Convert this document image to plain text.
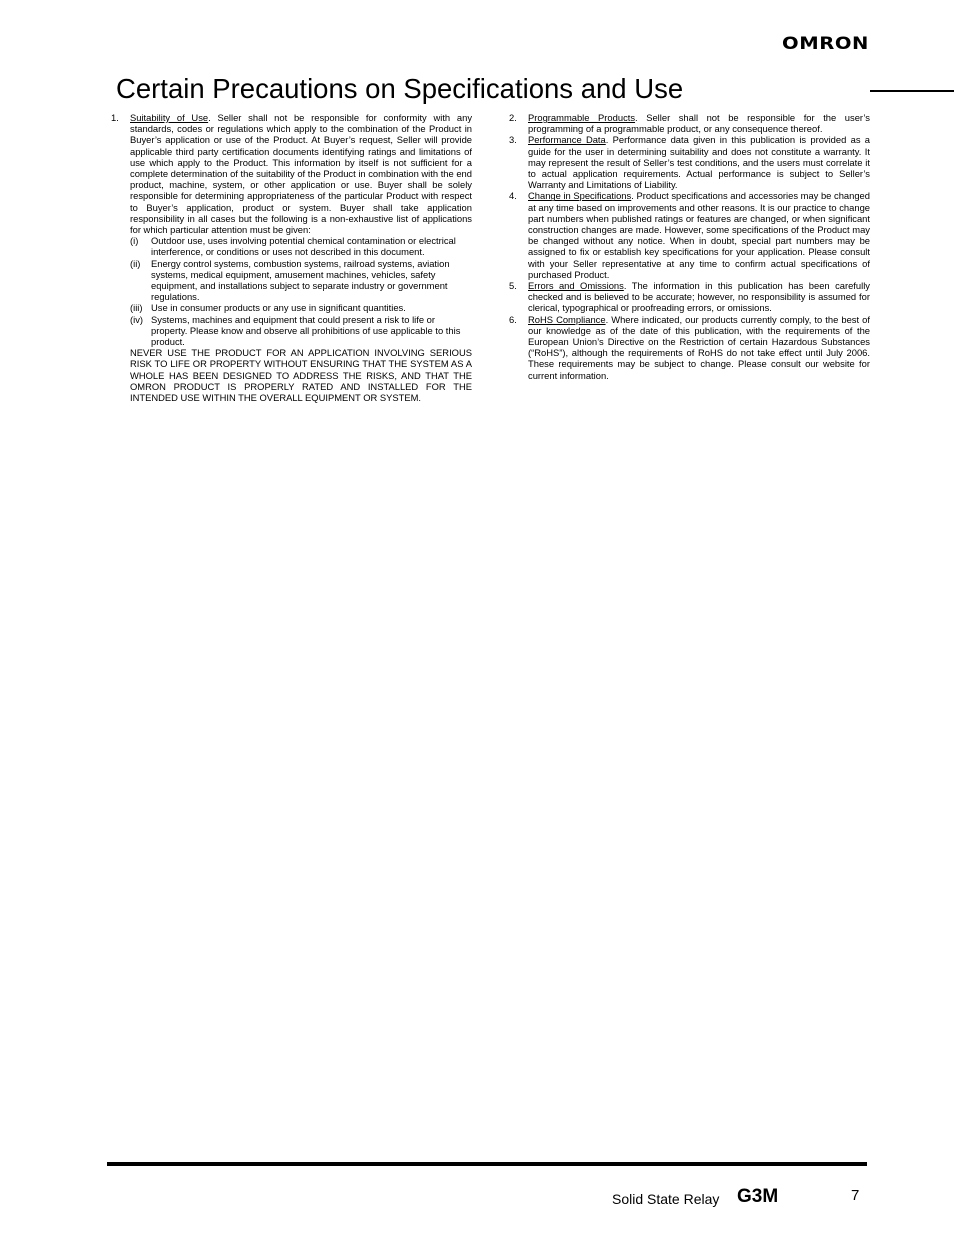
OMRON
Certain Precautions on Specifications and Use

1. Suitability of Use. Seller shall not be responsible for conformity with any standards, codes or regulations which apply to the combination of the Product in Buyer’s application or use of the Product. At Buyer’s request, Seller will provide applicable third party certification documents identifying ratings and limitations of use which apply to the Product. This information by itself is not sufficient for a complete determination of the suitability of the Product in combination with the end product, machine, system, or other application or use. Buyer shall be solely responsible for determining appropriateness of the particular Product with respect to Buyer’s application, product or system. Buyer shall take application responsibility in all cases but the following is a non-exhaustive list of applications for which particular attention must be given:

(i) Outdoor use, uses involving potential chemical contamination or electrical interference, or conditions or uses not described in this document.

(ii) Energy control systems, combustion systems, railroad systems, aviation systems, medical equipment, amusement machines, vehicles, safety equipment, and installations subject to separate industry or government regulations.

(iii) Use in consumer products or any use in significant quantities.

(iv) Systems, machines and equipment that could present a risk to life or property. Please know and observe all prohibitions of use applicable to this product.

NEVER USE THE PRODUCT FOR AN APPLICATION INVOLVING SERIOUS RISK TO LIFE OR PROPERTY WITHOUT ENSURING THAT THE SYSTEM AS A WHOLE HAS BEEN DESIGNED TO ADDRESS THE RISKS, AND THAT THE OMRON PRODUCT IS PROPERLY RATED AND INSTALLED FOR THE INTENDED USE WITHIN THE OVERALL EQUIPMENT OR SYSTEM.

2. Programmable Products. Seller shall not be responsible for the user’s programming of a programmable product, or any consequence thereof.

3. Performance Data. Performance data given in this publication is provided as a guide for the user in determining suitability and does not constitute a warranty. It may represent the result of Seller’s test conditions, and the users must correlate it to actual application requirements. Actual performance is subject to Seller’s Warranty and Limitations of Liability.

4. Change in Specifications. Product specifications and accessories may be changed at any time based on improvements and other reasons. It is our practice to change part numbers when published ratings or features are changed, or when significant construction changes are made. However, some specifications of the Product may be changed without any notice. When in doubt, special part numbers may be assigned to fix or establish key specifications for your application. Please consult with your Seller representative at any time to confirm actual specifications of purchased Product.

5. Errors and Omissions. The information in this publication has been carefully checked and is believed to be accurate; however, no responsibility is assumed for clerical, typographical or proofreading errors, or omissions.

6. RoHS Compliance. Where indicated, our products currently comply, to the best of our knowledge as of the date of this publication, with the requirements of the European Union’s Directive on the Restriction of certain Hazardous Substances (“RoHS”), although the requirements of RoHS do not take effect until July 2006. These requirements may be subject to change. Please consult our website for current information.

Solid State Relay G3M	7
